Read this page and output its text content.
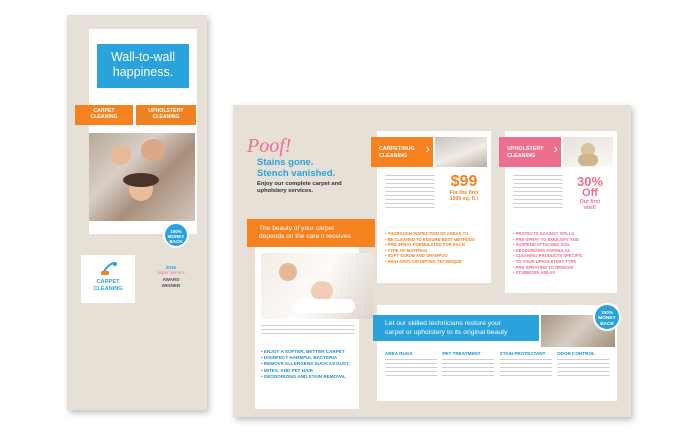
Wall-to-wall
happiness.
CARPET
CLEANING
UPHOLSTERY
CLEANING
100%
MONEY
BACK
CARPET
CLEANING
2016
Super Service
AWARD
WINNER
Poof!
Stains gone.
Stench vanished.
Enjoy our complete carpet and
upholstery services.
The beauty of your carpet
depends on the care it receives
• ENJOY A SOFTER, BETTER CARPET
• DISINFECT HARMFUL BACTERIA
• REMOVE ALLERGENS SUCH AS DUST,
• MITES, AND PET HAIR
• DEODORIZING AND STAIN REMOVAL
CARPET/RUG
CLEANING	›
$99
For the first
1000 sq. ft.!
• THOROUGH INSPECTION OF AREAS TO
• BE CLEANED TO ENSURE BEST METHODS
• PRE-SPRAY FORMULATED FOR EACH
• TYPE OF MATERIAL
• SOFT SCRUB AND SHAMPOO
• HIGH AIRFLOW DRYING TECHNIQUE
UPHOLSTERY
CLEANING	›
30%
Off
Our first
visit!
• PROTECTS AGAINST SPILLS
• PRE-SPRAY TO EMULSIFY AND
• SUSPEND ATTACHED SOIL
• DEODORIZING FORMULAS
• CLEANING PRODUCTS SPECIFIC
• TO YOUR UPHOLSTERY TYPE
• PRE-SPRAYING TO REMOVE
• STUBBORN AREAS
Let our skilled technicians restore your
carpet or upholstery to its original beauty
AREA RUGS	PET TREATMENT	STAIN PROTECTANT	ODOR CONTROL
100%
MONEY
BACK
